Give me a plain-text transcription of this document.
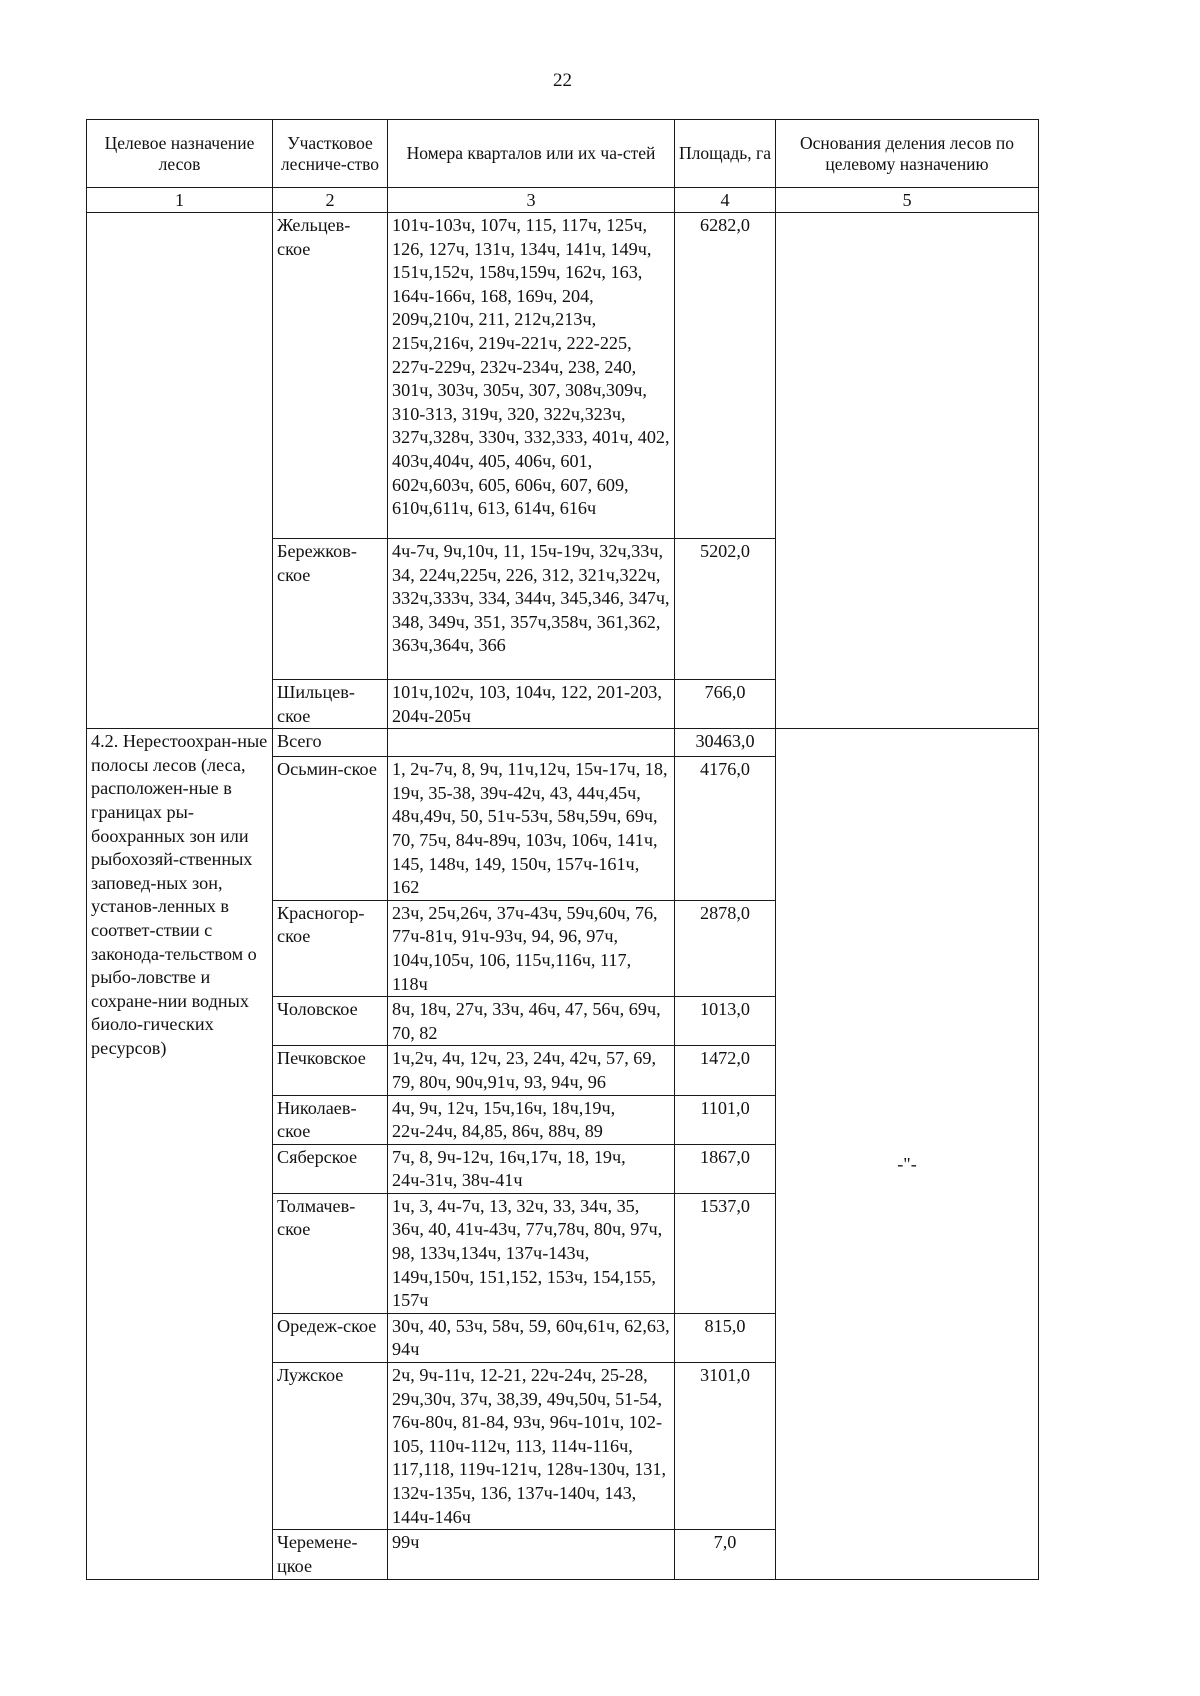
22
Целевое назначение лесов	Участковое лесниче-ство	Номера кварталов или их ча-стей	Площадь, га	Основания деления лесов по целевому назначению
1	2	3	4	5
	Жельцев-ское	101ч-103ч, 107ч, 115, 117ч, 125ч, 126, 127ч, 131ч, 134ч, 141ч, 149ч, 151ч,152ч, 158ч,159ч, 162ч, 163, 164ч-166ч, 168, 169ч, 204, 209ч,210ч, 211, 212ч,213ч, 215ч,216ч, 219ч-221ч, 222-225, 227ч-229ч, 232ч-234ч, 238, 240, 301ч, 303ч, 305ч, 307, 308ч,309ч, 310-313, 319ч, 320, 322ч,323ч, 327ч,328ч, 330ч, 332,333, 401ч, 402, 403ч,404ч, 405, 406ч, 601, 602ч,603ч, 605, 606ч, 607, 609, 610ч,611ч, 613, 614ч, 616ч	6282,0	
	Бережков-ское	4ч-7ч, 9ч,10ч, 11, 15ч-19ч, 32ч,33ч, 34, 224ч,225ч, 226, 312, 321ч,322ч, 332ч,333ч, 334, 344ч, 345,346, 347ч, 348, 349ч, 351, 357ч,358ч, 361,362, 363ч,364ч, 366	5202,0	
	Шильцев-ское	101ч,102ч, 103, 104ч, 122, 201-203, 204ч-205ч	766,0	
4.2. Нерестоохран-ные полосы лесов (леса, расположен-ные в границах ры-боохранных зон или рыбохозяй-ственных заповед-ных зон, установ-ленных в соответ-ствии с законода-тельством о рыбо-ловстве и сохране-нии водных биоло-гических ресурсов)	Всего		30463,0	-"-
	Осьмин-ское	1, 2ч-7ч, 8, 9ч, 11ч,12ч, 15ч-17ч, 18, 19ч, 35-38, 39ч-42ч, 43, 44ч,45ч, 48ч,49ч, 50, 51ч-53ч, 58ч,59ч, 69ч, 70, 75ч, 84ч-89ч, 103ч, 106ч, 141ч, 145, 148ч, 149, 150ч, 157ч-161ч, 162	4176,0	
	Красногор-ское	23ч, 25ч,26ч, 37ч-43ч, 59ч,60ч, 76, 77ч-81ч, 91ч-93ч, 94, 96, 97ч, 104ч,105ч, 106, 115ч,116ч, 117, 118ч	2878,0	
	Чоловское	8ч, 18ч, 27ч, 33ч, 46ч, 47, 56ч, 69ч, 70, 82	1013,0	
	Печковское	1ч,2ч, 4ч, 12ч, 23, 24ч, 42ч, 57, 69, 79, 80ч, 90ч,91ч, 93, 94ч, 96	1472,0	
	Николаев-ское	4ч, 9ч, 12ч, 15ч,16ч, 18ч,19ч, 22ч-24ч, 84,85, 86ч, 88ч, 89	1101,0	
	Сяберское	7ч, 8, 9ч-12ч, 16ч,17ч, 18, 19ч, 24ч-31ч, 38ч-41ч	1867,0	
	Толмачев-ское	1ч, 3, 4ч-7ч, 13, 32ч, 33, 34ч, 35, 36ч, 40, 41ч-43ч, 77ч,78ч, 80ч, 97ч, 98, 133ч,134ч, 137ч-143ч, 149ч,150ч, 151,152, 153ч, 154,155, 157ч	1537,0	
	Оредеж-ское	30ч, 40, 53ч, 58ч, 59, 60ч,61ч, 62,63, 94ч	815,0	
	Лужское	2ч, 9ч-11ч, 12-21, 22ч-24ч, 25-28, 29ч,30ч, 37ч, 38,39, 49ч,50ч, 51-54, 76ч-80ч, 81-84, 93ч, 96ч-101ч, 102-105, 110ч-112ч, 113, 114ч-116ч, 117,118, 119ч-121ч, 128ч-130ч, 131, 132ч-135ч, 136, 137ч-140ч, 143, 144ч-146ч	3101,0	
	Черемене-цкое	99ч	7,0	
